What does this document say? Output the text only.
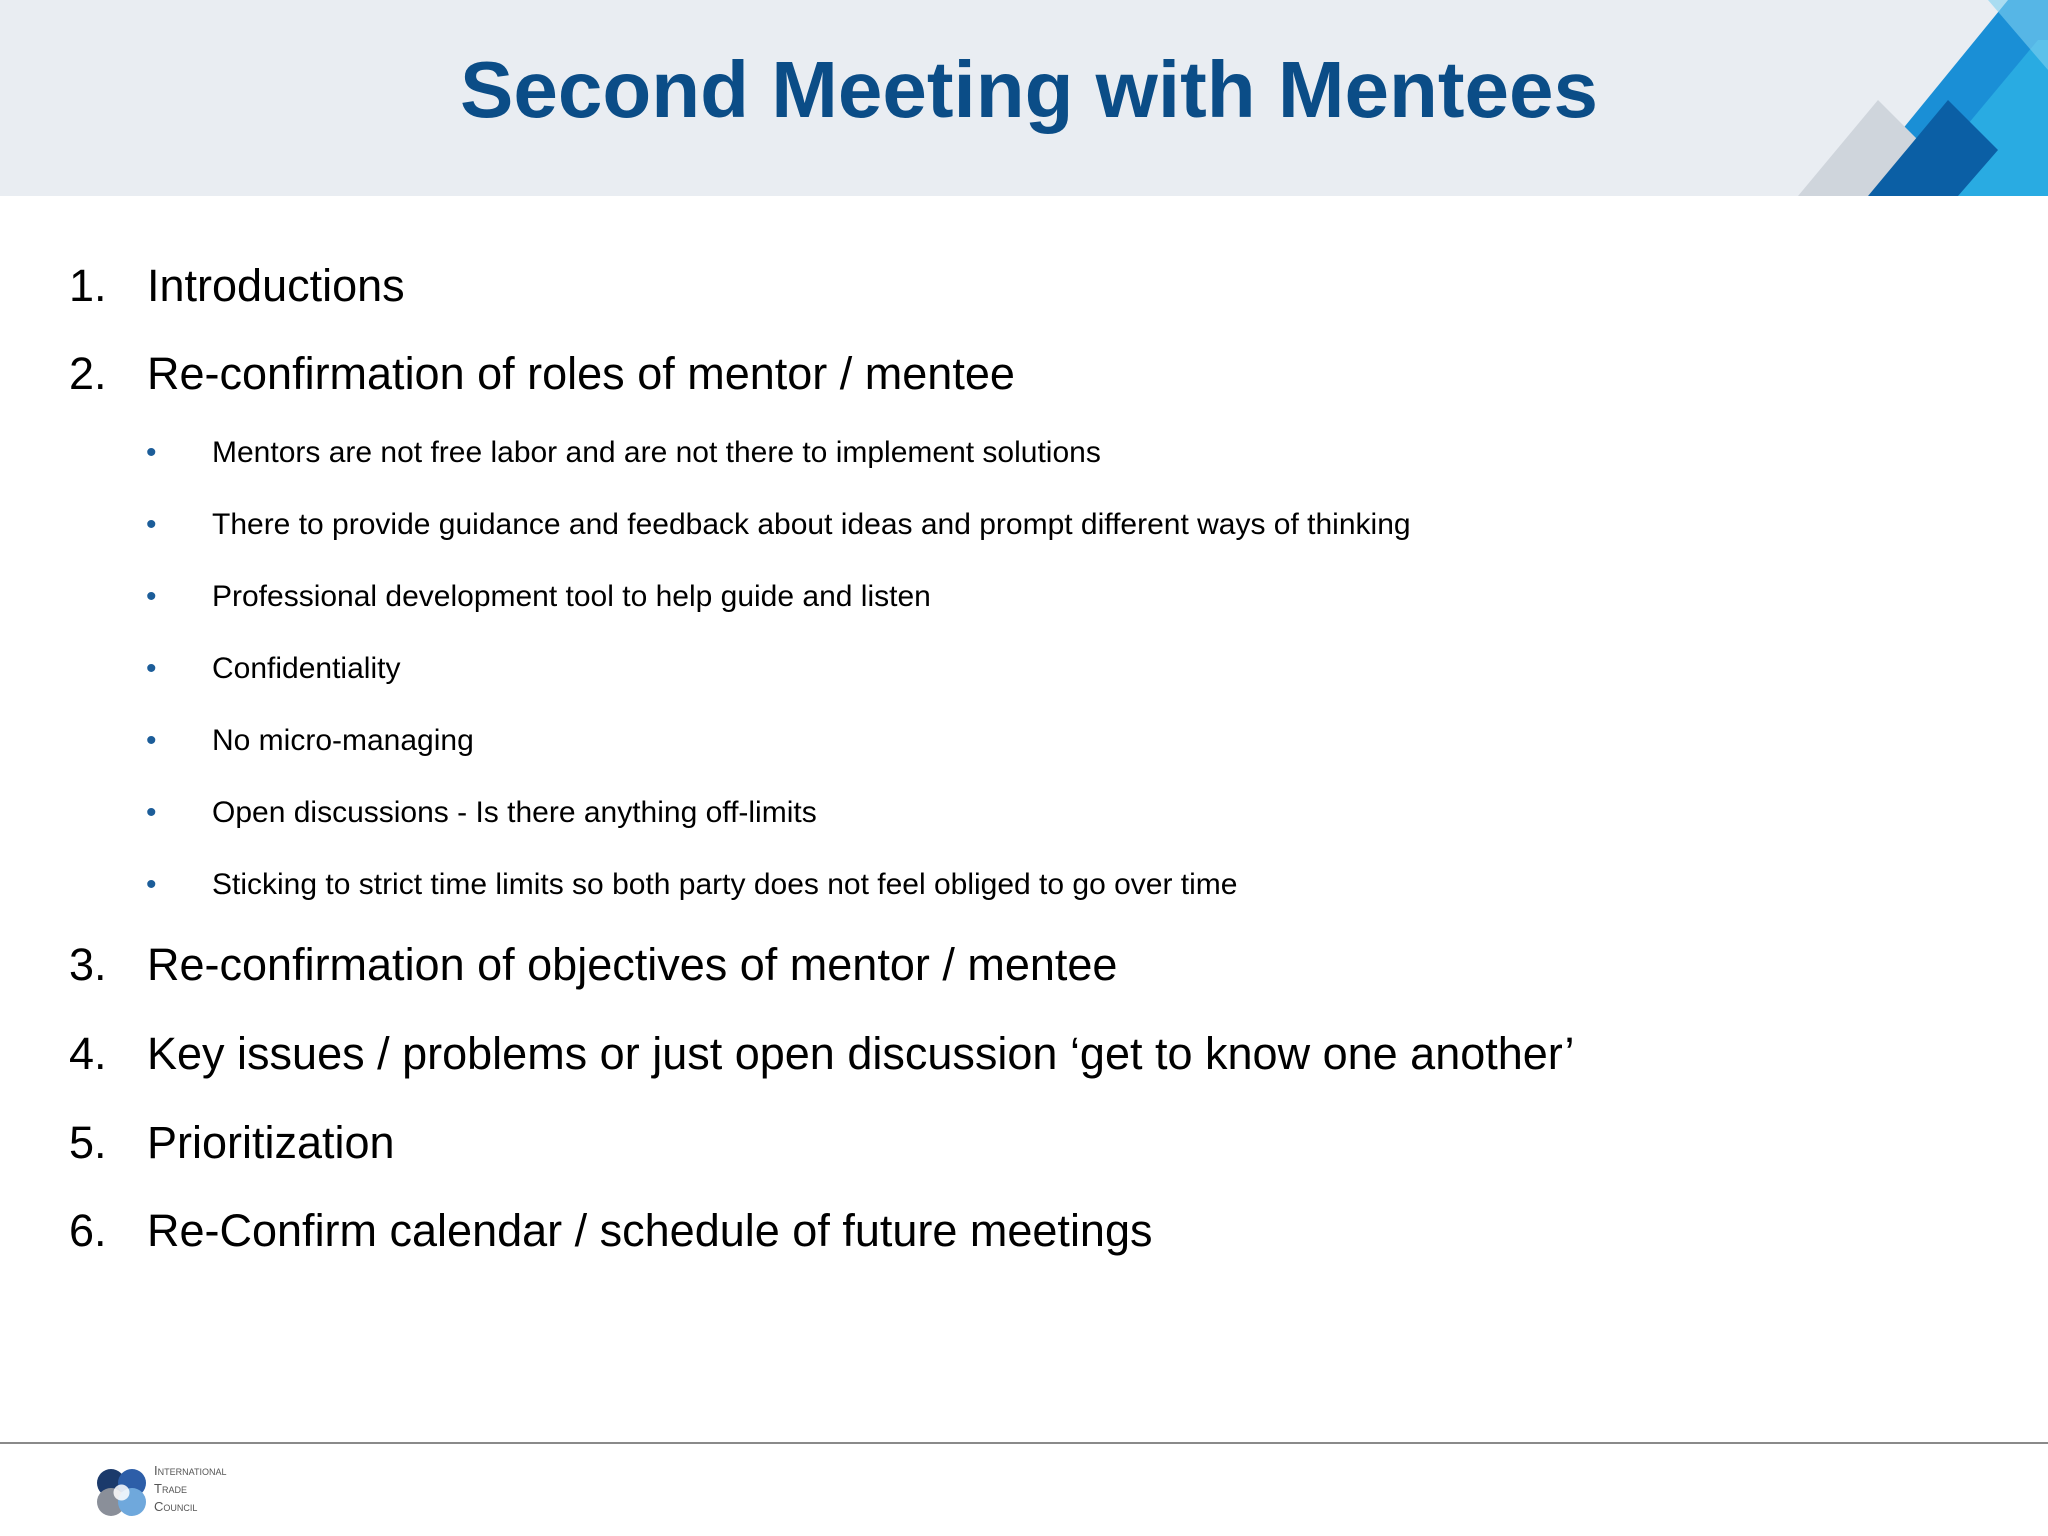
Second Meeting with Mentees
1. Introductions
2. Re-confirmation of roles of mentor / mentee
• Mentors are not free labor and are not there to implement solutions
• There to provide guidance and feedback about ideas and prompt different ways of thinking
• Professional development tool to help guide and listen
• Confidentiality
• No micro-managing
• Open discussions - Is there anything off-limits
• Sticking to strict time limits so both party does not feel obliged to go over time
3. Re-confirmation of objectives of mentor / mentee
4. Key issues / problems or just open discussion ‘get to know one another’
5. Prioritization
6. Re-Confirm calendar / schedule of future meetings
International
Trade
Council
